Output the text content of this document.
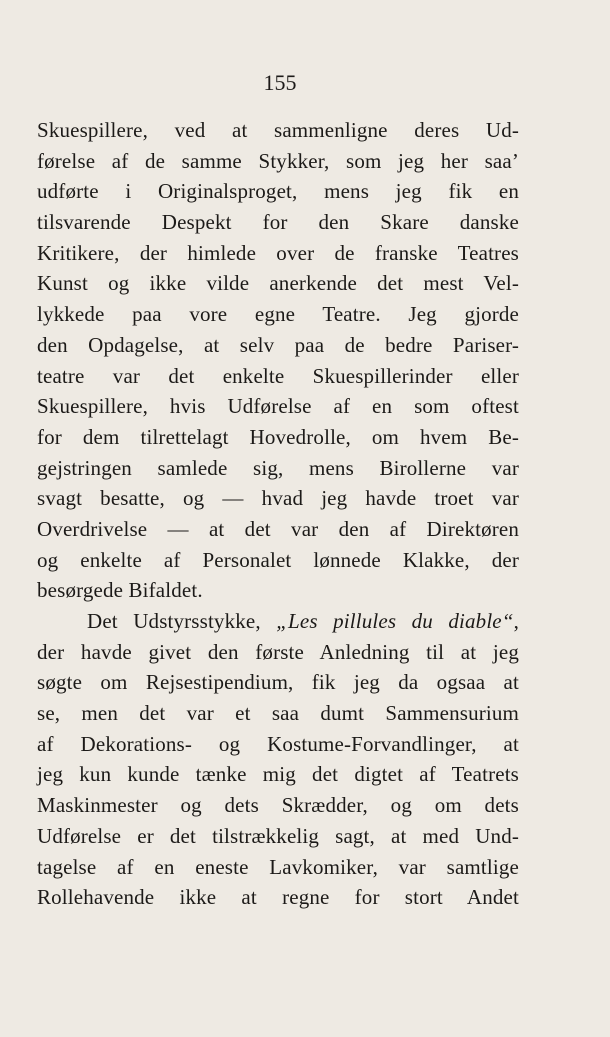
155
Skuespillere, ved at sammenligne deres Ud-
førelse af de samme Stykker, som jeg her saa’
udførte i Originalsproget, mens jeg fik en
tilsvarende Despekt for den Skare danske
Kritikere, der himlede over de franske Teatres
Kunst og ikke vilde anerkende det mest Vel-
lykkede paa vore egne Teatre. Jeg gjorde
den Opdagelse, at selv paa de bedre Pariser-
teatre var det enkelte Skuespillerinder eller
Skuespillere, hvis Udførelse af en som oftest
for dem tilrettelagt Hovedrolle, om hvem Be-
gejstringen samlede sig, mens Birollerne var
svagt besatte, og — hvad jeg havde troet var
Overdrivelse — at det var den af Direktøren
og enkelte af Personalet lønnede Klakke, der
besørgede Bifaldet.
Det Udstyrsstykke, „Les pillules du diable“,
der havde givet den første Anledning til at jeg
søgte om Rejsestipendium, fik jeg da ogsaa at
se, men det var et saa dumt Sammensurium
af Dekorations- og Kostume-Forvandlinger, at
jeg kun kunde tænke mig det digtet af Teatrets
Maskinmester og dets Skrædder, og om dets
Udførelse er det tilstrækkelig sagt, at med Und-
tagelse af en eneste Lavkomiker, var samtlige
Rollehavende ikke at regne for stort Andet
